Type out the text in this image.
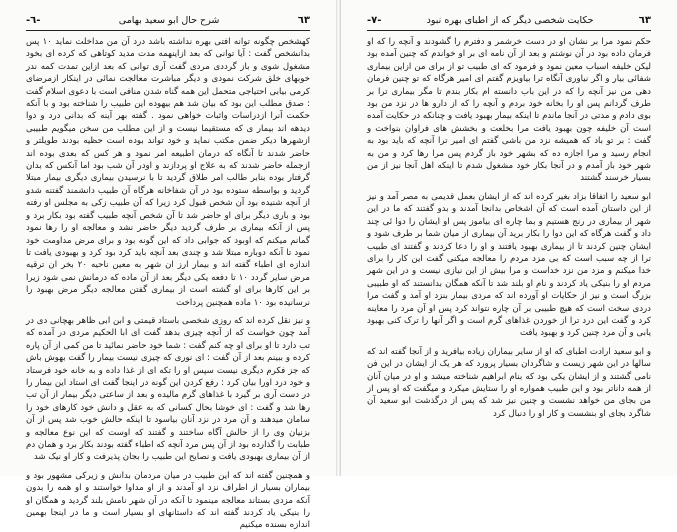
٦٣
شرح حال ابو سعید بهامی
-٦-

کهشخص چگونه توانه افتی بهره نداشته باشد درد آن من مداخلت نماید ۱۰ پس بدانشخص گفت : آیا توانی که بعد ازاینهمه مدت مدید کوتاهی که کرده ای بخود مشغول شوی و باز گرددی مردی گفت آری توانی که بعد ازاین تمدت کمه ندر خوبهای خلق شرکت نمودی و دیگر مباشرت معالجت نمائی در اینکار ازمرضای کرمی بیابی احتیاجی متحمل این همه گناه شدن منافی است با دعوی اسلام گفت : صدق مطلب این بود که بیان شد هم بیهوده این طبیب را شناخته بود و با آنکه حکمت آنرا ازدراسات واثبات خواهی نمود . گفته بهر آینه که بدانی درد و دوا دیدهه اند بیمار ی که مستقیما نیست و از این مطلب من سخن میگویم طبیبی ازشهرها دیکر ضمن مکتب نماید و خود تواند بوده است حظیه بودند طویلتر و حاضر شدند تا آنگاه که درمان اطبیعه امر نمود و هر کس که بعدی بوده اند ازجمله حاضر شدند که به علاج او پردازند و اودر آن شب بود اما آنکس که بدان گرفتار بوده بنابر طالب امر طلاق گردید تا با نرسیدن بیماری دیگری بیمار مبتلا گردید و بواسطه ستوده بود در آن شفاخانه هرگاه آن طبیب دانشمند گفتنه شدو از آنچه شنیده بود آن شخص قبول کرد زیرا که آن طبیب زکی به مجلس او رفته بود و باری دیگر برای او حاضر شد تا آن شخص آنچه طبیب گفته بود بکار برد و پس از آنکه بیماری بر طرف گردید دیگر حاضر نشد و معالجه او را رها نمود گمانم میکنم که اوبود که جوابی داد که این گونه بود و برای مرض مداومت خود نمود تا آنکه دوباره مبتلا شد و چندی بعد آنچه باید کرد بود کرد و بهبودی یافت تا اندازه ای اطباء گفته اند و بیمار ارز ان شهر به معین ناحیه ۲۰ بخر ان ترقیه مرض سایر گردد ۱۰ تا دفعه یکی دیگر بعد از آن ماده که درمانش نمی شود زیرا بر این کارها برای او گشته است از بیماری گفتن معالجه دیگر مرض بهبود را نرسانیده بود ۱۰ ماده همچنین پرداخت

و نیز نقل کرده اند که روزی شخصی باستاد قیمتی و ابن ابی ظاهر بهچانی دی در آمد چون خواست که از آنچه چیزی بدهد گفت ای ابا الحکیم مردی در آمده که تب دارد تا او برای او چه کنم گفت : شما خود حاضر نمائید تا من کمی از آن پاره کرده و ببینم بعد از آن گفت : ای نوری که چیزی نیست بیمار را گفت بهوش باش که جز فکرم دیگری نیست سپس او را تکه ای از غذا داده و به خانه خود فرستاد و خود درد اورا بیان کرد : رفع کردن این گونه در اینجا گفت ای استاد این بیمار را در دست آری بر گیرد با غذاهای گرم مالیده و بعد از ساعتی دیگر بیمار از آن تب رها شد و گفت : ای خوشا بحال کسانی که به عقل و دانش خود کارهای خود را سامان میدهند و آن مرد در نزد آنان بیاسود تا اینکه حالش خوب شد پس از آن بزنیان وی را از حالش آگاه ساختند و گفتند که اوست که این نوع معالجه و طبابت را گذارده بود از آن پس مرد آنچه که اطباء گفته بودند بکار برد و همان دم از آن بیماری بهبودی یافت و نصایح این طبیب را بجان پذیرفت و کار او نیک شد

و همچنین گفته اند که این طبیب در میان مردمان بدانش و زیرکی مشهور بود و بیماران بسیار از اطراف نزد او آمدند و از او مداوا خواستند و او همه را بدون آنکه مزدی بستاند معالجه مینمود تا آنکه در آن شهر نامش بلند گردید و همگان او را بنیکی یاد کردند گفته اند که داستانهای او بسیار است و ما در اینجا بهمین اندازه بسنده میکنیم

٦٣
حکایت شخصی دیگر که از اطبای بهره نبود
-٧-

حکم نمود مرا بر نشان او در دست خرشمر و دفترم را گشودند و آنچه را که او فرمان داده بود در آن نوشتم و بعد از آن نامه ای بر او خواندم که چنین آمده بود لیکن خلیفه اسباب معین نمود و فرمود که ای طبیب تو از برای من ازاین بیماری شفائی بیار و اگر نیاوری آنگاه ترا بیاویزم گفتم ای امیر هرگاه که تو چنین فرمان دهی من نیز آنچه را که در این باب دانسته ام بکار بندم تا مگر بیماری ترا بر طرف گردانم پس او را بخانه خود بردم و آنچه را که از دارو ها در نزد من بود بوی دادم و مدتی در آنجا ماندم تا اینکه بیمار بهبود یافت و چنانکه در حکایت آمده است آن خلیفه چون بهبود یافت مرا بخلعت و بخشش های فراوان بنواخت و گفت : بر تو باد که همیشه نزد من باشی گفتم ای امیر ترا آنچه که باید بود به انجام رسید و مرا اجازه ده که بشهر خود باز گردم پس مرا رها کرد و من به شهر خود باز آمدم و در آنجا بکار خود مشغول شدم تا اینکه اهل آنجا نیز از من بسیار خرسند گشتند

ابو سعید را اتفاقا بزاد بغیر کرده اند که از ایشان بعمل قدیمی به مصر آمد و نیز از این داستان آمده است که آن اشخاص بدانجا آمدند و بدو گفتند که ما در این شهر از بیماری در رنج هستیم و بما چاره ای بیاموز پس او ایشان را دوا ئی چند داد و گفت هرگاه که این دوا را بکار برید آن بیماری از میان شما بر طرف شود و ایشان چنین کردند تا از بیماری بهبود یافتند و او را دعا کردند و گفتند ای طبیب ترا از چه سبب است که بی مزد مردم را معالجه میکنی گفت این کار را برای خدا میکنم و مزد من نزد خداست و مرا بیش از این نیازی نیست و در این شهر مردم او را بنیکی یاد کردند و نام او بلند شد تا آنکه همگان بدانستند که او طبیبی بزرگ است و نیز از حکایات او آورده اند که مردی بیمار بنزد او آمد و گفت مرا دردی سخت است که هیچ طبیبی بر آن چاره نتواند کرد پس او آن مرد را معاینه کرد و گفت این درد ترا از خوردن غذاهای گرم است و اگر آنها را ترک کنی بهبود یابی و آن مرد چنین کرد و بهبود یافت

و ابو سعید ارادت اطبای که او از سایر بیماران زیاده بیافرید و از آنجا گفته اند که سالها در این شهر زیست و شاگردان بسیار پرورد که هر یک از ایشان در این فن نامی گشتند و از ایشان یکی بود که بنام ابراهیم شناخته میشد و او در میان آنان از همه داناتر بود و این طبیب همواره او را ستایش میکرد و میگفت که او پس از من بجای من خواهد نشست و چنین نیز شد که پس از درگذشت ابو سعید آن شاگرد بجای او بنشست و کار او را دنبال کرد
